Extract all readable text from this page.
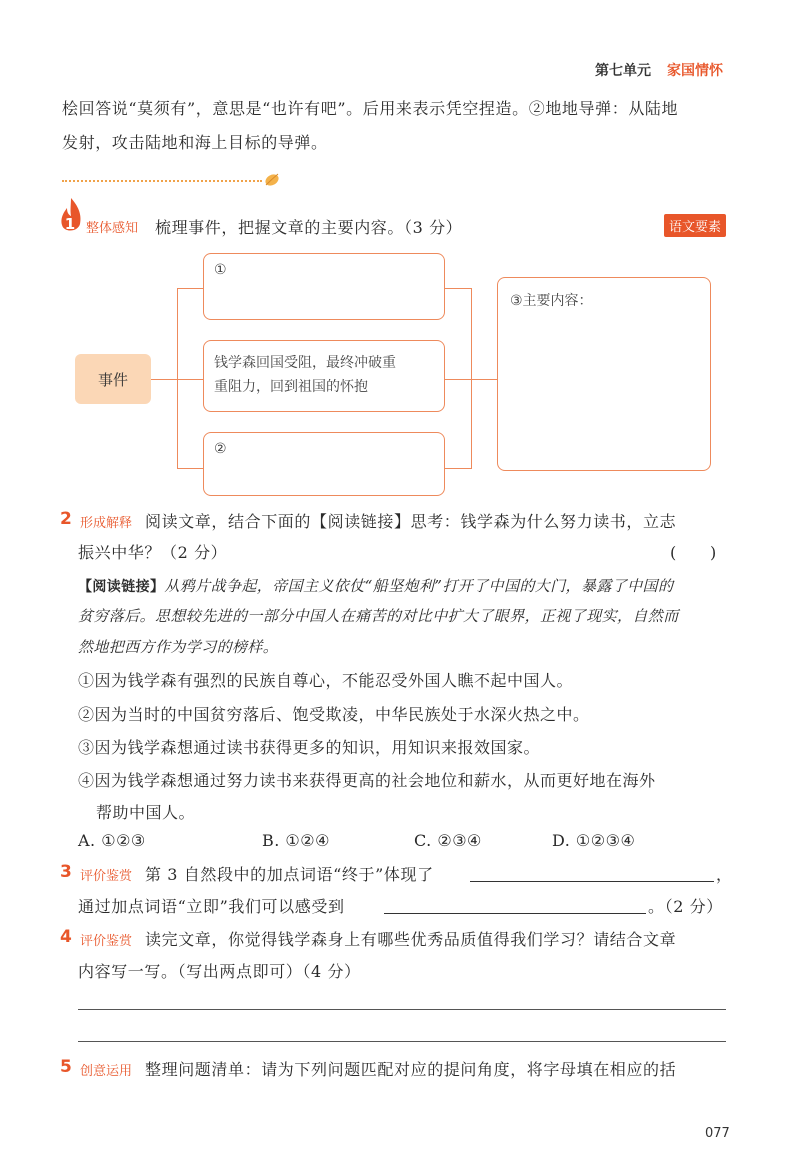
第七单元 家国情怀
桧回答说“莫须有”，意思是“也许有吧”。后用来表示凭空捏造。②地地导弹：从陆地
发射，攻击陆地和海上目标的导弹。
1 整体感知 梳理事件，把握文章的主要内容。（3 分）	语文要素
事件
①
钱学森回国受阻，最终冲破重
重阻力，回到祖国的怀抱
②
③主要内容：
2 形成解释 阅读文章，结合下面的【阅读链接】思考：钱学森为什么努力读书，立志
振兴中华？（2 分）	(　　)
【阅读链接】从鸦片战争起，帝国主义依仗“船坚炮利”打开了中国的大门，暴露了中国的
贫穷落后。思想较先进的一部分中国人在痛苦的对比中扩大了眼界，正视了现实，自然而
然地把西方作为学习的榜样。
①因为钱学森有强烈的民族自尊心，不能忍受外国人瞧不起中国人。
②因为当时的中国贫穷落后、饱受欺凌，中华民族处于水深火热之中。
③因为钱学森想通过读书获得更多的知识，用知识来报效国家。
④因为钱学森想通过努力读书来获得更高的社会地位和薪水，从而更好地在海外
帮助中国人。
A. ①②③	B. ①②④	C. ②③④	D. ①②③④
3 评价鉴赏 第 3 自然段中的加点词语“终于”体现了	，
通过加点词语“立即”我们可以感受到	。（2 分）
4 评价鉴赏 读完文章，你觉得钱学森身上有哪些优秀品质值得我们学习？请结合文章
内容写一写。（写出两点即可）（4 分）
5 创意运用 整理问题清单：请为下列问题匹配对应的提问角度，将字母填在相应的括
077
